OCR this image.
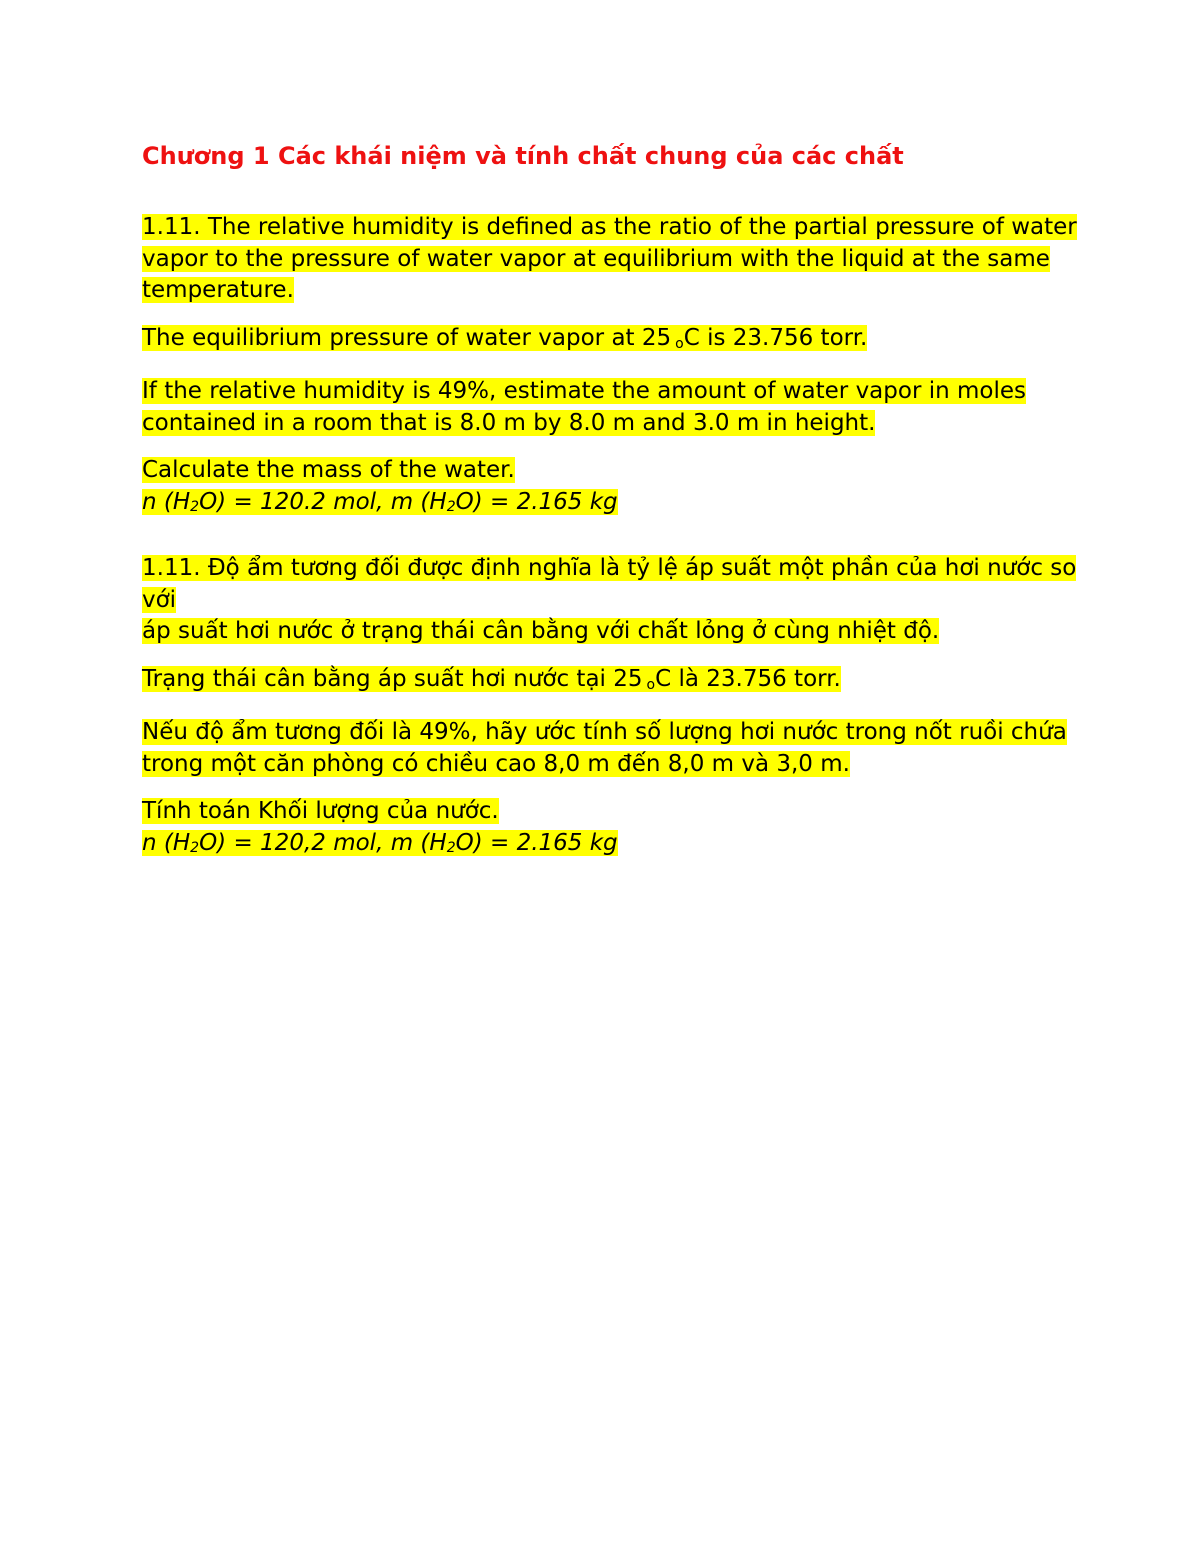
Chương 1 Các khái niệm và tính chất chung của các chất

1.11. The relative humidity is defined as the ratio of the partial pressure of water vapor to the pressure of water vapor at equilibrium with the liquid at the same temperature.

The equilibrium pressure of water vapor at 25 oC is 23.756 torr.

If the relative humidity is 49%, estimate the amount of water vapor in moles contained in a room that is 8.0 m by 8.0 m and 3.0 m in height.

Calculate the mass of the water.
n (H2O) = 120.2 mol, m (H2O) = 2.165 kg

1.11. Độ ẩm tương đối được định nghĩa là tỷ lệ áp suất một phần của hơi nước so với
áp suất hơi nước ở trạng thái cân bằng với chất lỏng ở cùng nhiệt độ.

Trạng thái cân bằng áp suất hơi nước tại 25 oC là 23.756 torr.

Nếu độ ẩm tương đối là 49%, hãy ước tính số lượng hơi nước trong nốt ruồi chứa trong một căn phòng có chiều cao 8,0 m đến 8,0 m và 3,0 m.

Tính toán Khối lượng của nước.
n (H2O) = 120,2 mol, m (H2O) = 2.165 kg
